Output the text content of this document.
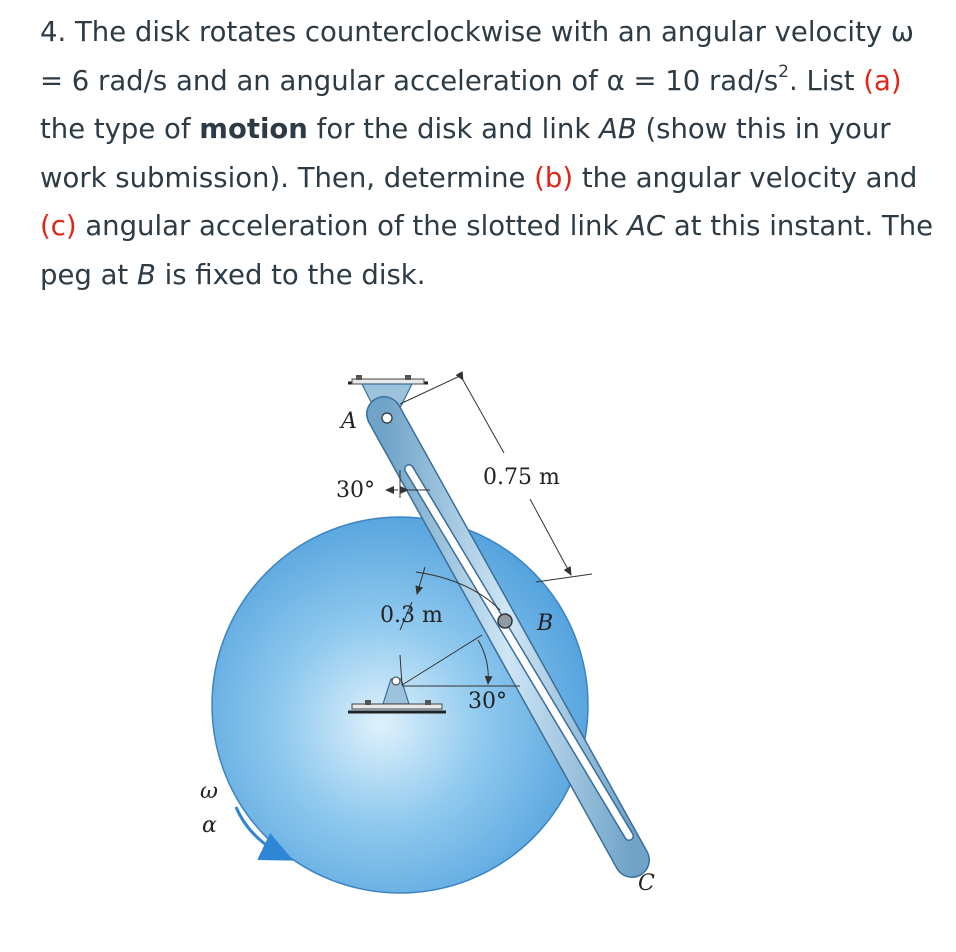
4. The disk rotates counterclockwise with an angular velocity ω
= 6 rad/s and an angular acceleration of α = 10 rad/$s^2$. List (a)
the type of motion for the disk and link AB (show this in your
work submission). Then, determine (b) the angular velocity and
(c) angular acceleration of the slotted link AC at this instant. The
peg at B is fixed to the disk.
A
B
C
30°
30°
0.75 m
0.3 m
ω
α
